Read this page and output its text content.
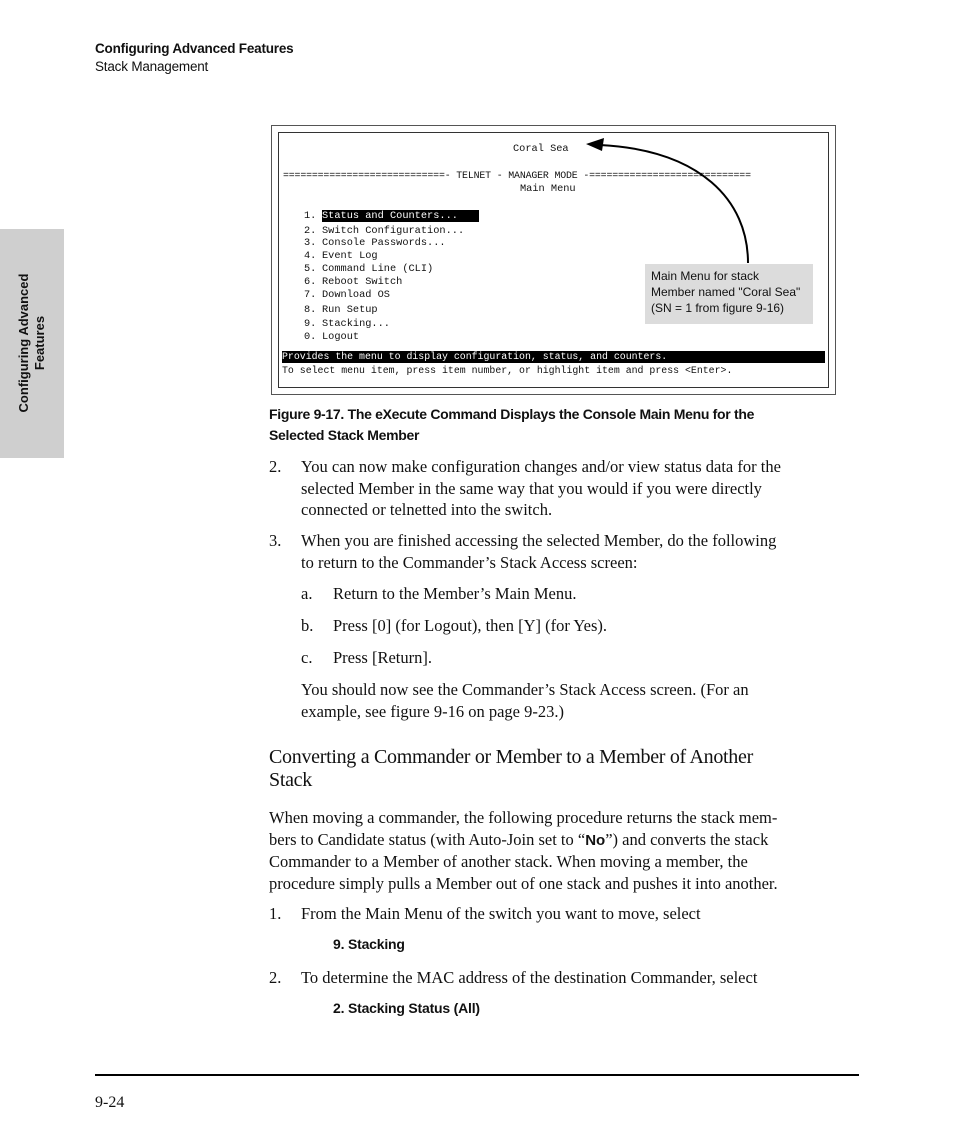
Configuring Advanced Features
Stack Management
Configuring Advanced Features
Coral Sea
============================- TELNET - MANAGER MODE -============================
Main Menu
1. Status and Counters...
2. Switch Configuration...
3. Console Passwords...
4. Event Log
5. Command Line (CLI)
6. Reboot Switch
7. Download OS
8. Run Setup
9. Stacking...
0. Logout
Provides the menu to display configuration, status, and counters.
To select menu item, press item number, or highlight item and press <Enter>.
Main Menu for stack
Member named "Coral Sea"
(SN = 1 from figure 9-16)
Figure 9-17. The eXecute Command Displays the Console Main Menu for the
Selected Stack Member
2. You can now make configuration changes and/or view status data for the
selected Member in the same way that you would if you were directly
connected or telnetted into the switch.
3. When you are finished accessing the selected Member, do the following
to return to the Commander’s Stack Access screen:
a. Return to the Member’s Main Menu.
b. Press [0] (for Logout), then [Y] (for Yes).
c. Press [Return].
You should now see the Commander’s Stack Access screen. (For an
example, see figure 9-16 on page 9-23.)
Converting a Commander or Member to a Member of Another
Stack
When moving a commander, the following procedure returns the stack mem-
bers to Candidate status (with Auto-Join set to “No”) and converts the stack
Commander to a Member of another stack. When moving a member, the
procedure simply pulls a Member out of one stack and pushes it into another.
1. From the Main Menu of the switch you want to move, select
9. Stacking
2. To determine the MAC address of the destination Commander, select
2. Stacking Status (All)
9-24
